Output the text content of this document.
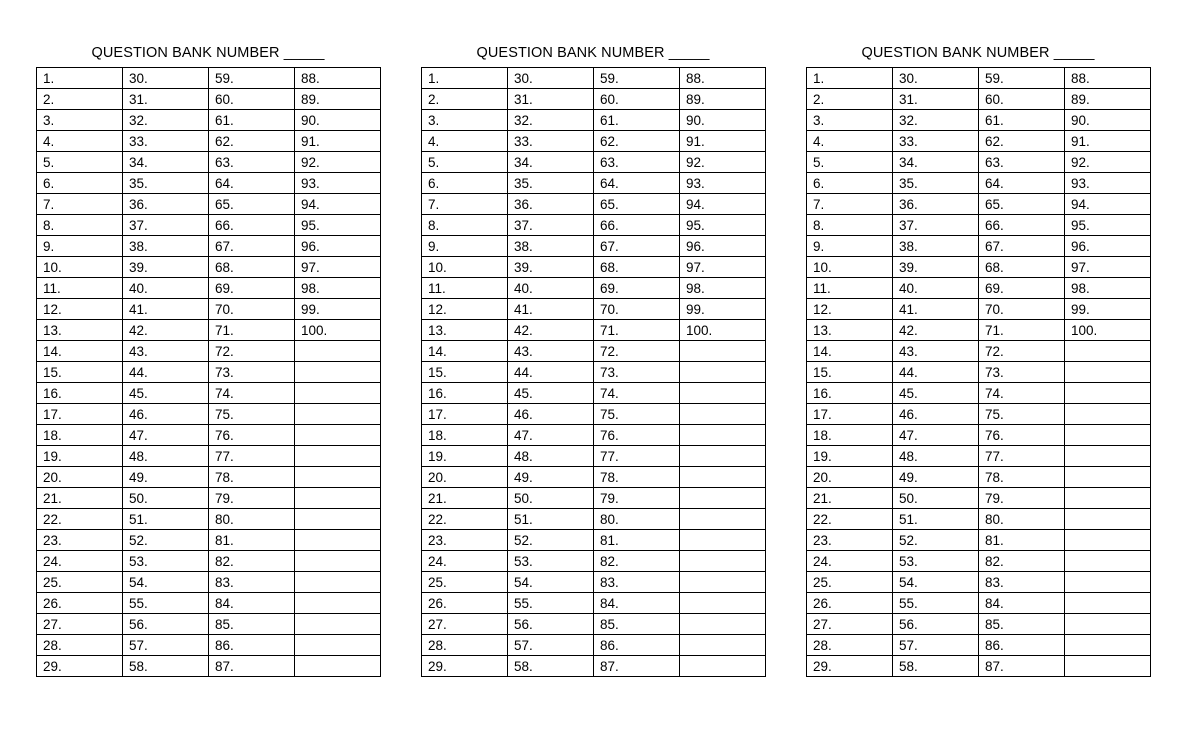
QUESTION BANK NUMBER _____
1.	30.	59.	88.
2.	31.	60.	89.
3.	32.	61.	90.
4.	33.	62.	91.
5.	34.	63.	92.
6.	35.	64.	93.
7.	36.	65.	94.
8.	37.	66.	95.
9.	38.	67.	96.
10.	39.	68.	97.
11.	40.	69.	98.
12.	41.	70.	99.
13.	42.	71.	100.
14.	43.	72.	
15.	44.	73.	
16.	45.	74.	
17.	46.	75.	
18.	47.	76.	
19.	48.	77.	
20.	49.	78.	
21.	50.	79.	
22.	51.	80.	
23.	52.	81.	
24.	53.	82.	
25.	54.	83.	
26.	55.	84.	
27.	56.	85.	
28.	57.	86.	
29.	58.	87.	
QUESTION BANK NUMBER _____
1.	30.	59.	88.
2.	31.	60.	89.
3.	32.	61.	90.
4.	33.	62.	91.
5.	34.	63.	92.
6.	35.	64.	93.
7.	36.	65.	94.
8.	37.	66.	95.
9.	38.	67.	96.
10.	39.	68.	97.
11.	40.	69.	98.
12.	41.	70.	99.
13.	42.	71.	100.
14.	43.	72.	
15.	44.	73.	
16.	45.	74.	
17.	46.	75.	
18.	47.	76.	
19.	48.	77.	
20.	49.	78.	
21.	50.	79.	
22.	51.	80.	
23.	52.	81.	
24.	53.	82.	
25.	54.	83.	
26.	55.	84.	
27.	56.	85.	
28.	57.	86.	
29.	58.	87.	
QUESTION BANK NUMBER _____
1.	30.	59.	88.
2.	31.	60.	89.
3.	32.	61.	90.
4.	33.	62.	91.
5.	34.	63.	92.
6.	35.	64.	93.
7.	36.	65.	94.
8.	37.	66.	95.
9.	38.	67.	96.
10.	39.	68.	97.
11.	40.	69.	98.
12.	41.	70.	99.
13.	42.	71.	100.
14.	43.	72.	
15.	44.	73.	
16.	45.	74.	
17.	46.	75.	
18.	47.	76.	
19.	48.	77.	
20.	49.	78.	
21.	50.	79.	
22.	51.	80.	
23.	52.	81.	
24.	53.	82.	
25.	54.	83.	
26.	55.	84.	
27.	56.	85.	
28.	57.	86.	
29.	58.	87.	
